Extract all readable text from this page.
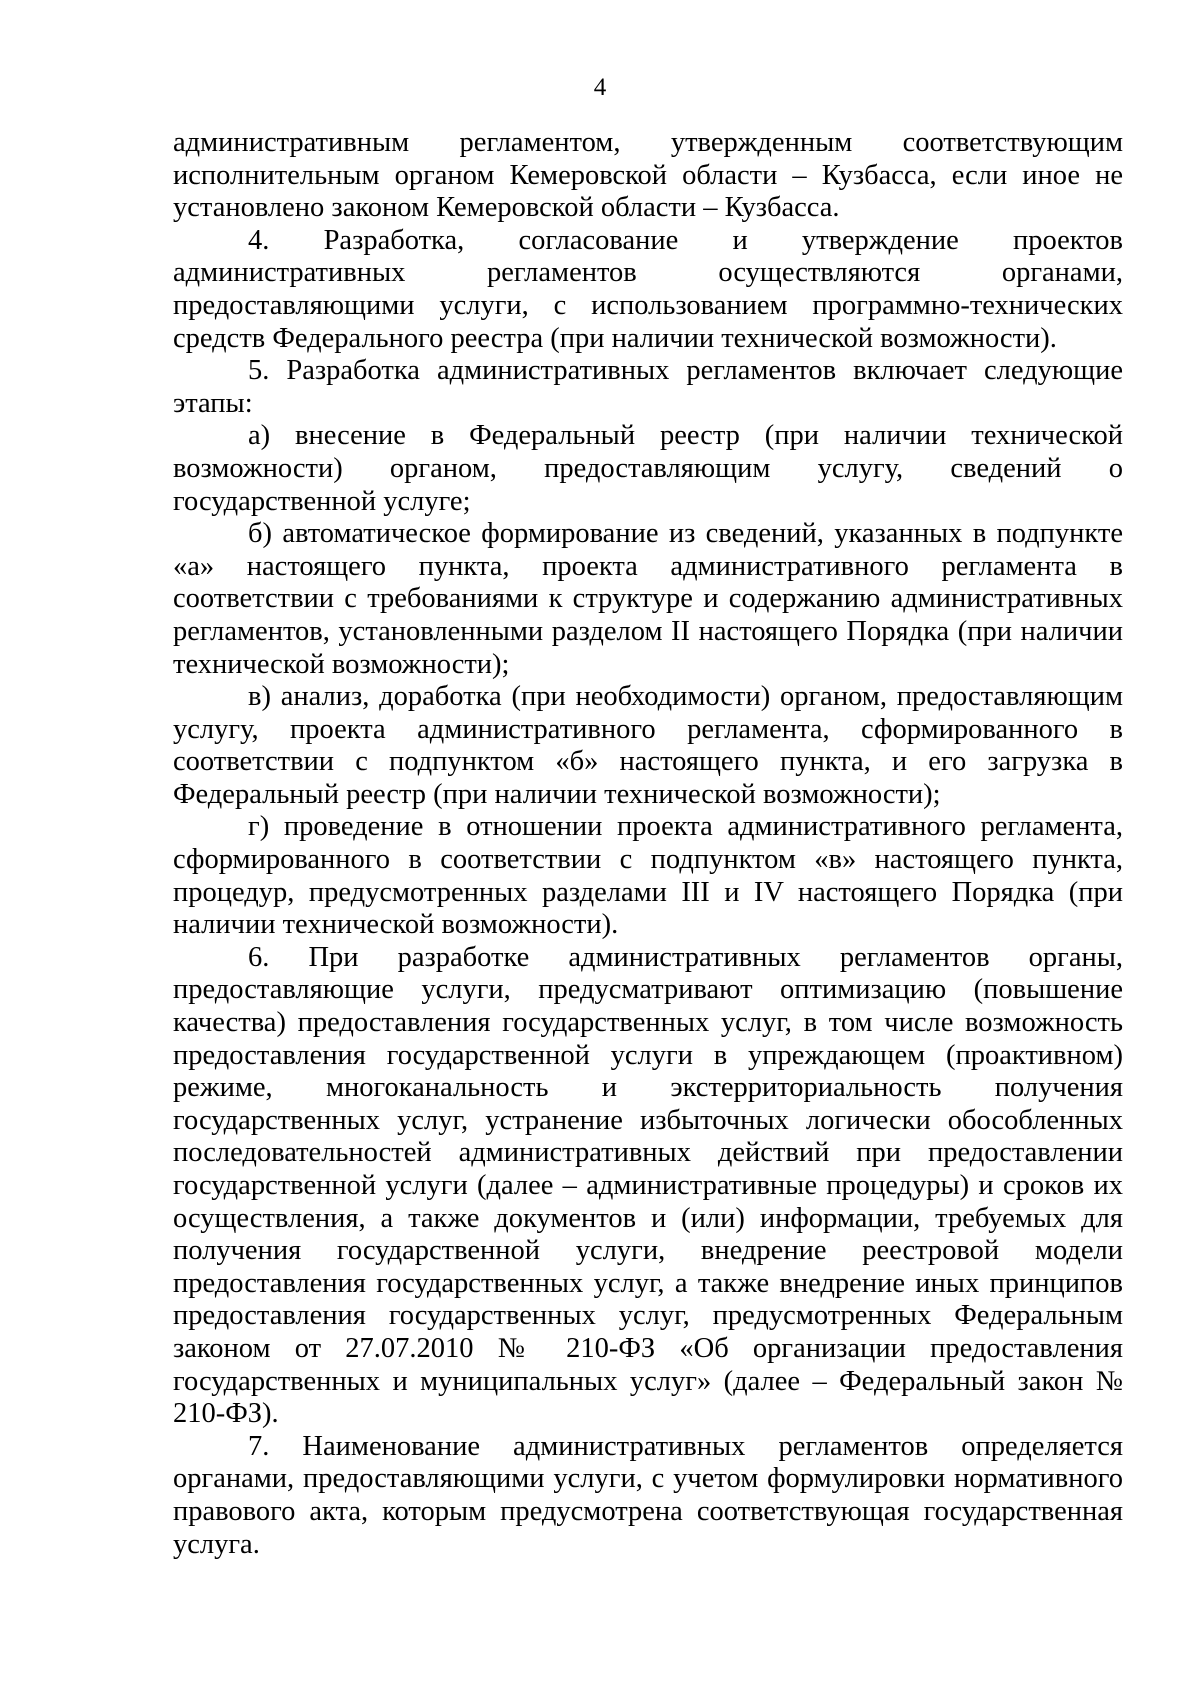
4

административным регламентом, утвержденным соответствующим исполнительным органом Кемеровской области – Кузбасса, если иное не установлено законом Кемеровской области – Кузбасса.

4. Разработка, согласование и утверждение проектов административных регламентов осуществляются органами, предоставляющими услуги, с использованием программно-технических средств Федерального реестра (при наличии технической возможности).

5. Разработка административных регламентов включает следующие этапы:

а) внесение в Федеральный реестр (при наличии технической возможности) органом, предоставляющим услугу, сведений о государственной услуге;

б) автоматическое формирование из сведений, указанных в подпункте «а» настоящего пункта, проекта административного регламента в соответствии с требованиями к структуре и содержанию административных регламентов, установленными разделом II настоящего Порядка (при наличии технической возможности);

в) анализ, доработка (при необходимости) органом, предоставляющим услугу, проекта административного регламента, сформированного в соответствии с подпунктом «б» настоящего пункта, и его загрузка в Федеральный реестр (при наличии технической возможности);

г) проведение в отношении проекта административного регламента, сформированного в соответствии с подпунктом «в» настоящего пункта, процедур, предусмотренных разделами III и IV настоящего Порядка (при наличии технической возможности).

6. При разработке административных регламентов органы, предоставляющие услуги, предусматривают оптимизацию (повышение качества) предоставления государственных услуг, в том числе возможность предоставления государственной услуги в упреждающем (проактивном) режиме, многоканальность и экстерриториальность получения государственных услуг, устранение избыточных логически обособленных последовательностей административных действий при предоставлении государственной услуги (далее – административные процедуры) и сроков их осуществления, а также документов и (или) информации, требуемых для получения государственной услуги, внедрение реестровой модели предоставления государственных услуг, а также внедрение иных принципов предоставления государственных услуг, предусмотренных Федеральным законом от 27.07.2010 № 210-ФЗ «Об организации предоставления государственных и муниципальных услуг» (далее – Федеральный закон № 210-ФЗ).

7. Наименование административных регламентов определяется органами, предоставляющими услуги, с учетом формулировки нормативного правового акта, которым предусмотрена соответствующая государственная услуга.
